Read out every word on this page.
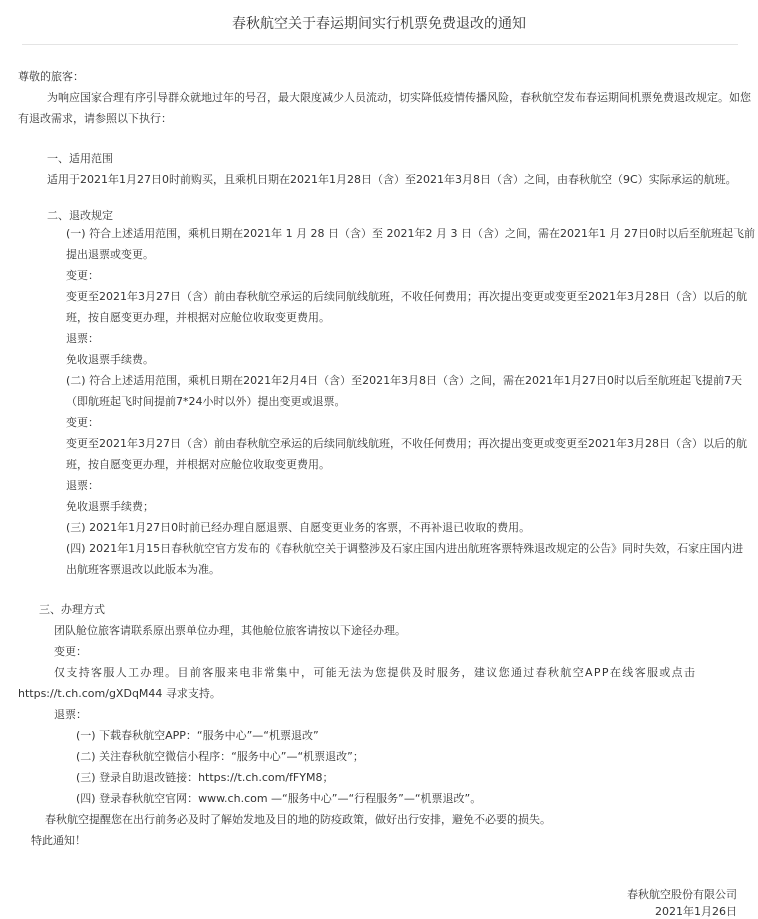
春秋航空关于春运期间实行机票免费退改的通知
尊敬的旅客：
为响应国家合理有序引导群众就地过年的号召，最大限度减少人员流动，切实降低疫情传播风险，春秋航空发布春运期间机票免费退改规定。如您
有退改需求，请参照以下执行：
一、适用范围
适用于2021年1月27日0时前购买，且乘机日期在2021年1月28日（含）至2021年3月8日（含）之间，由春秋航空（9C）实际承运的航班。
二、退改规定
(一) 符合上述适用范围，乘机日期在2021年 1 月 28 日（含）至 2021年2 月 3 日（含）之间，需在2021年1 月 27日0时以后至航班起飞前
提出退票或变更。
变更：
变更至2021年3月27日（含）前由春秋航空承运的后续同航线航班，不收任何费用；再次提出变更或变更至2021年3月28日（含）以后的航
班，按自愿变更办理，并根据对应舱位收取变更费用。
退票：
免收退票手续费。
(二) 符合上述适用范围，乘机日期在2021年2月4日（含）至2021年3月8日（含）之间，需在2021年1月27日0时以后至航班起飞提前7天
（即航班起飞时间提前7*24小时以外）提出变更或退票。
变更：
变更至2021年3月27日（含）前由春秋航空承运的后续同航线航班，不收任何费用；再次提出变更或变更至2021年3月28日（含）以后的航
班，按自愿变更办理，并根据对应舱位收取变更费用。
退票：
免收退票手续费；
(三) 2021年1月27日0时前已经办理自愿退票、自愿变更业务的客票，不再补退已收取的费用。
(四) 2021年1月15日春秋航空官方发布的《春秋航空关于调整涉及石家庄国内进出航班客票特殊退改规定的公告》同时失效，石家庄国内进
出航班客票退改以此版本为准。
三、办理方式
团队舱位旅客请联系原出票单位办理，其他舱位旅客请按以下途径办理。
变更：
仅支持客服人工办理。目前客服来电非常集中，可能无法为您提供及时服务，建议您通过春秋航空APP在线客服或点击
https://t.ch.com/gXDqM44 寻求支持。
退票：
(一) 下载春秋航空APP：“服务中心”—“机票退改”
(二) 关注春秋航空微信小程序：“服务中心”—“机票退改”；
(三) 登录自助退改链接：https://t.ch.com/fFYM8；
(四) 登录春秋航空官网：www.ch.com —“服务中心”—“行程服务”—“机票退改”。
春秋航空提醒您在出行前务必及时了解始发地及目的地的防疫政策，做好出行安排，避免不必要的损失。
特此通知！
春秋航空股份有限公司
2021年1月26日
